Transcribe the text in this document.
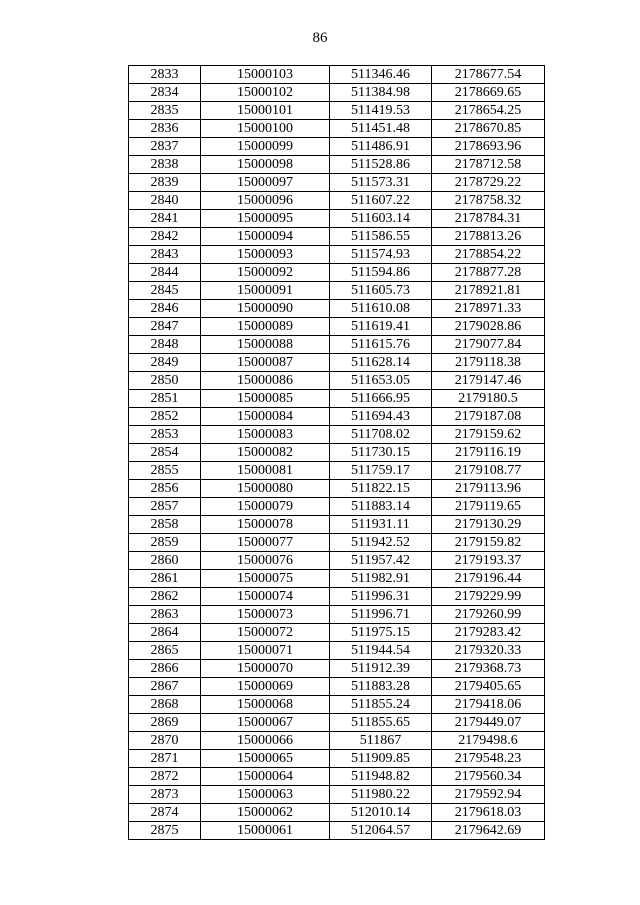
86
2833	15000103	511346.46	2178677.54
2834	15000102	511384.98	2178669.65
2835	15000101	511419.53	2178654.25
2836	15000100	511451.48	2178670.85
2837	15000099	511486.91	2178693.96
2838	15000098	511528.86	2178712.58
2839	15000097	511573.31	2178729.22
2840	15000096	511607.22	2178758.32
2841	15000095	511603.14	2178784.31
2842	15000094	511586.55	2178813.26
2843	15000093	511574.93	2178854.22
2844	15000092	511594.86	2178877.28
2845	15000091	511605.73	2178921.81
2846	15000090	511610.08	2178971.33
2847	15000089	511619.41	2179028.86
2848	15000088	511615.76	2179077.84
2849	15000087	511628.14	2179118.38
2850	15000086	511653.05	2179147.46
2851	15000085	511666.95	2179180.5
2852	15000084	511694.43	2179187.08
2853	15000083	511708.02	2179159.62
2854	15000082	511730.15	2179116.19
2855	15000081	511759.17	2179108.77
2856	15000080	511822.15	2179113.96
2857	15000079	511883.14	2179119.65
2858	15000078	511931.11	2179130.29
2859	15000077	511942.52	2179159.82
2860	15000076	511957.42	2179193.37
2861	15000075	511982.91	2179196.44
2862	15000074	511996.31	2179229.99
2863	15000073	511996.71	2179260.99
2864	15000072	511975.15	2179283.42
2865	15000071	511944.54	2179320.33
2866	15000070	511912.39	2179368.73
2867	15000069	511883.28	2179405.65
2868	15000068	511855.24	2179418.06
2869	15000067	511855.65	2179449.07
2870	15000066	511867	2179498.6
2871	15000065	511909.85	2179548.23
2872	15000064	511948.82	2179560.34
2873	15000063	511980.22	2179592.94
2874	15000062	512010.14	2179618.03
2875	15000061	512064.57	2179642.69
